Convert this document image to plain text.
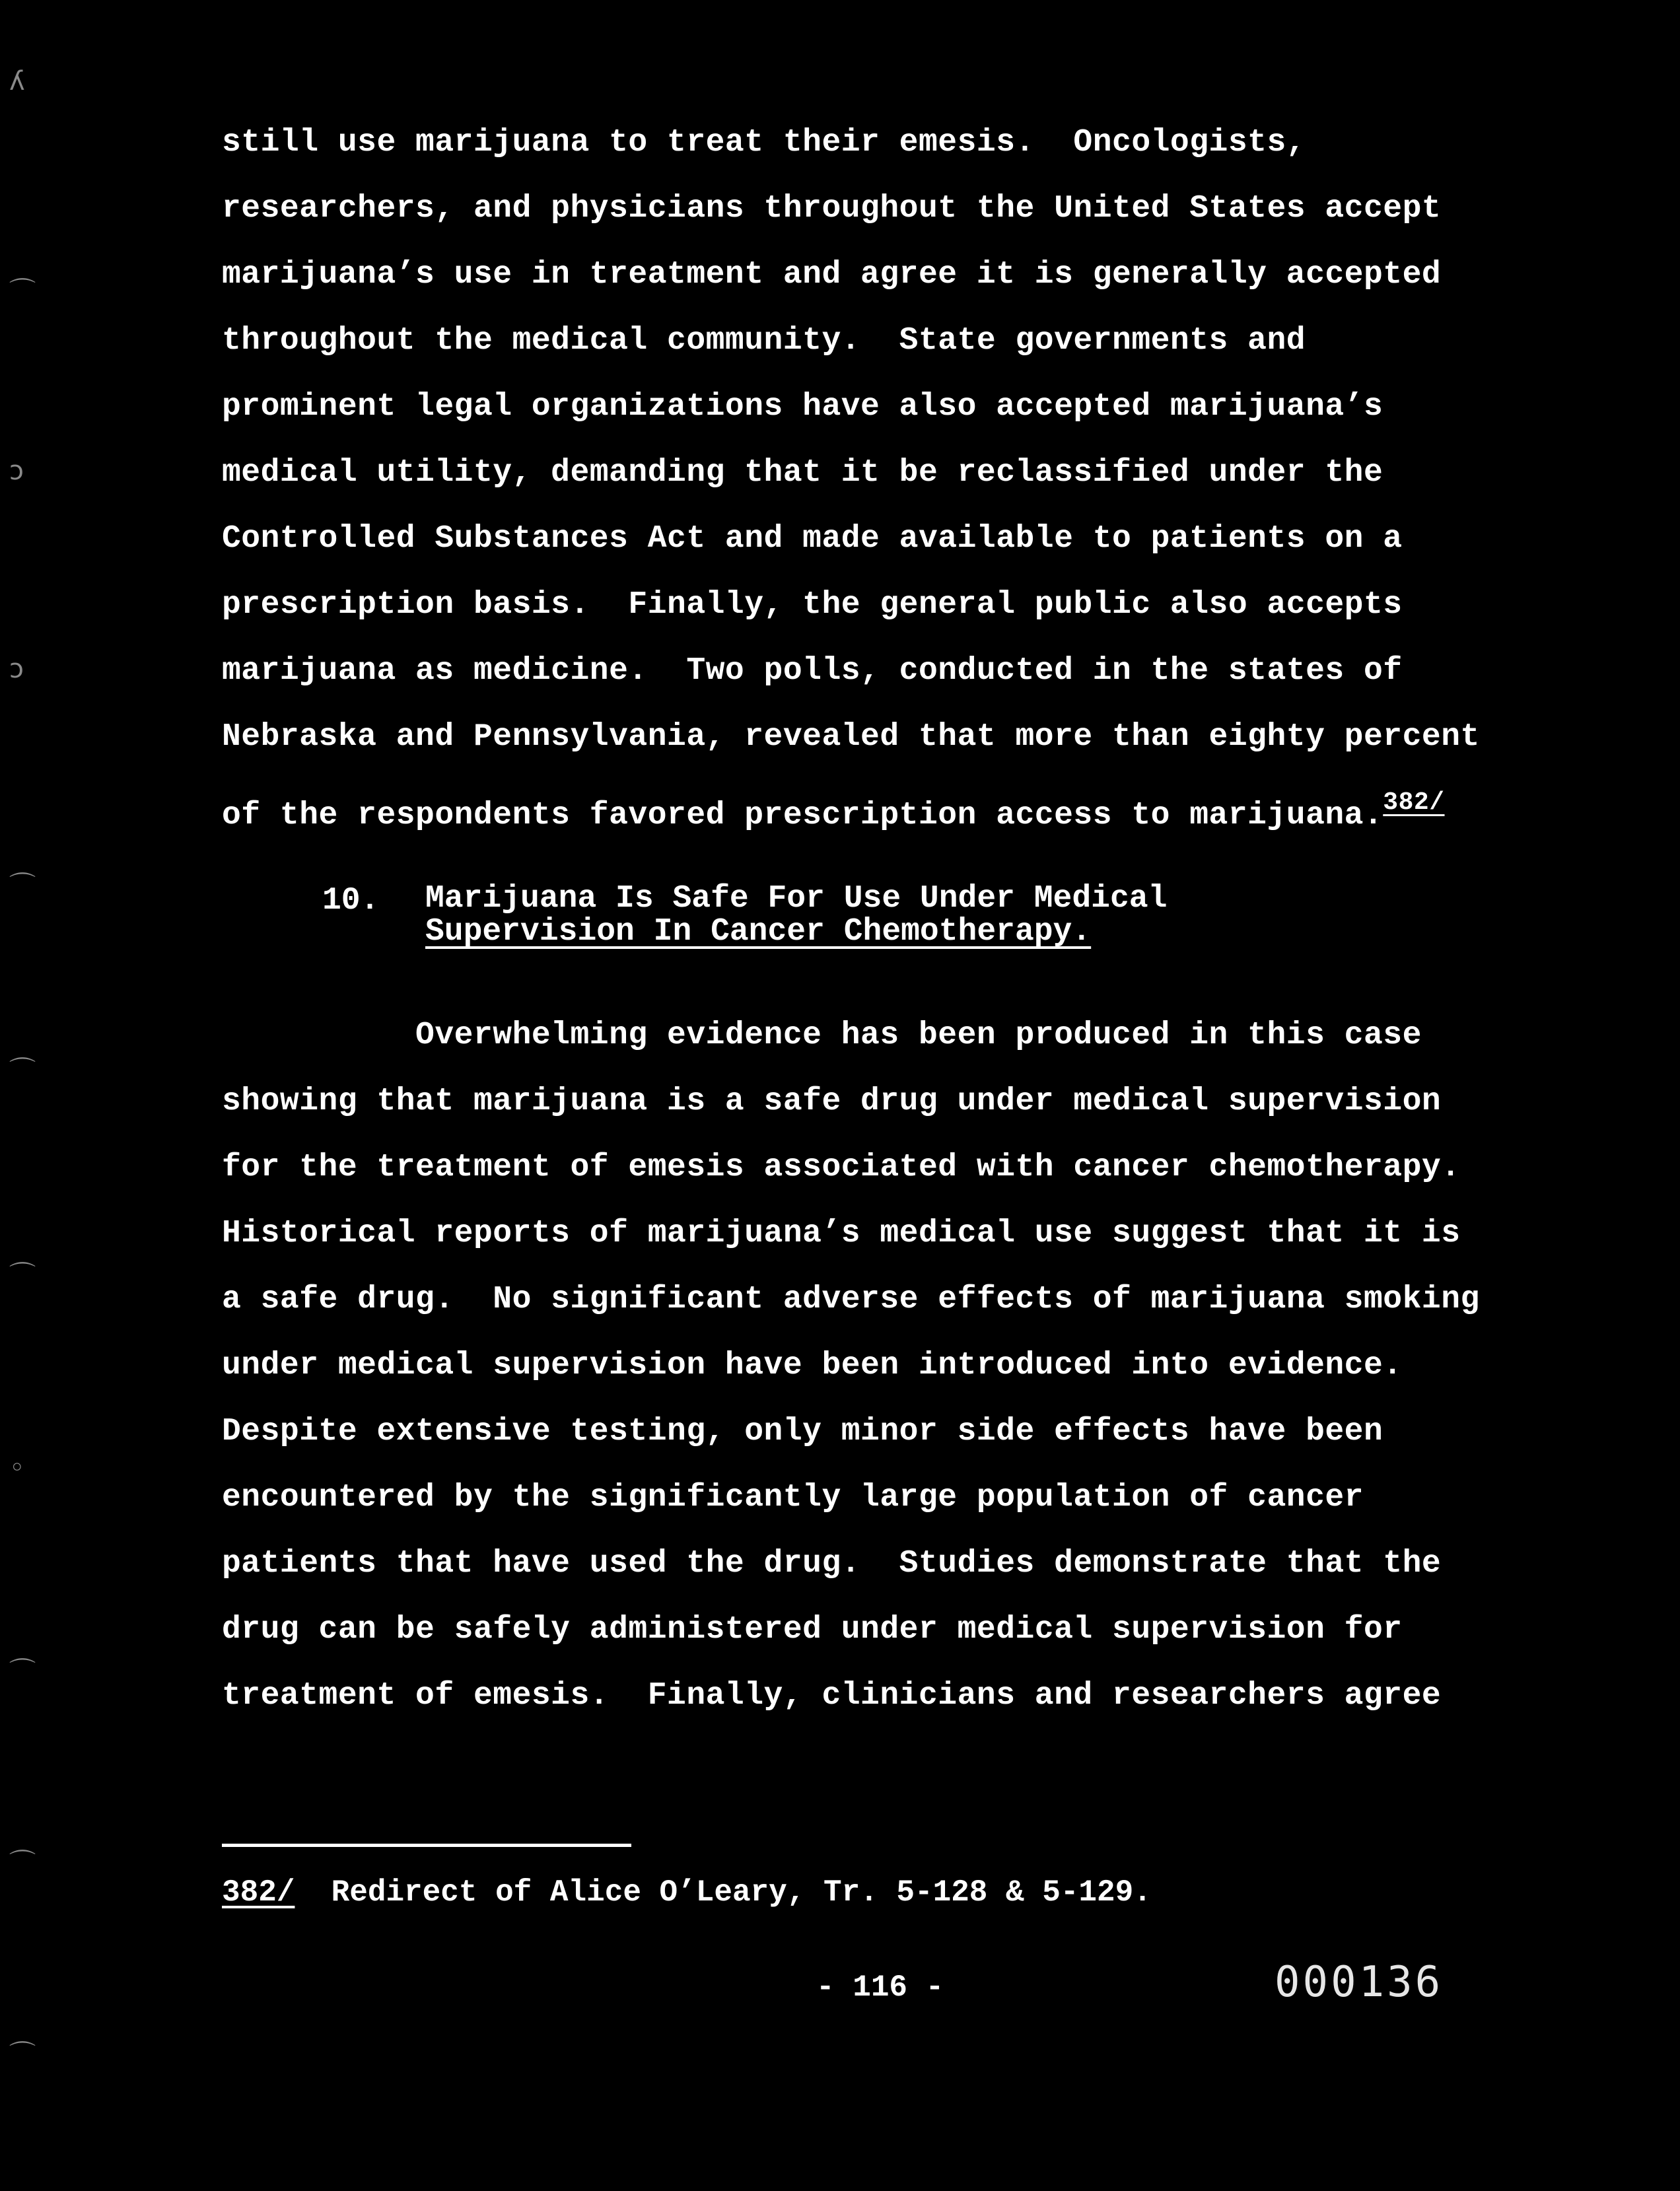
still use marijuana to treat their emesis.  Oncologists,
researchers, and physicians throughout the United States accept
marijuana’s use in treatment and agree it is generally accepted
throughout the medical community.  State governments and
prominent legal organizations have also accepted marijuana’s
medical utility, demanding that it be reclassified under the
Controlled Substances Act and made available to patients on a
prescription basis.  Finally, the general public also accepts
marijuana as medicine.  Two polls, conducted in the states of
Nebraska and Pennsylvania, revealed that more than eighty percent
of the respondents favored prescription access to marijuana.$^{382/}$
10. Marijuana Is Safe For Use Under Medical
Supervision In Cancer Chemotherapy.
Overwhelming evidence has been produced in this case
showing that marijuana is a safe drug under medical supervision
for the treatment of emesis associated with cancer chemotherapy.
Historical reports of marijuana’s medical use suggest that it is
a safe drug.  No significant adverse effects of marijuana smoking
under medical supervision have been introduced into evidence.
Despite extensive testing, only minor side effects have been
encountered by the significantly large population of cancer
patients that have used the drug.  Studies demonstrate that the
drug can be safely administered under medical supervision for
treatment of emesis.  Finally, clinicians and researchers agree
382/ Redirect of Alice O’Leary, Tr. 5-128 & 5-129.
- 116 -	000136
ʎ
⌒
ɔ
ɔ
⌒
⌒
⌒
◦
⌒
⌒
⌒
